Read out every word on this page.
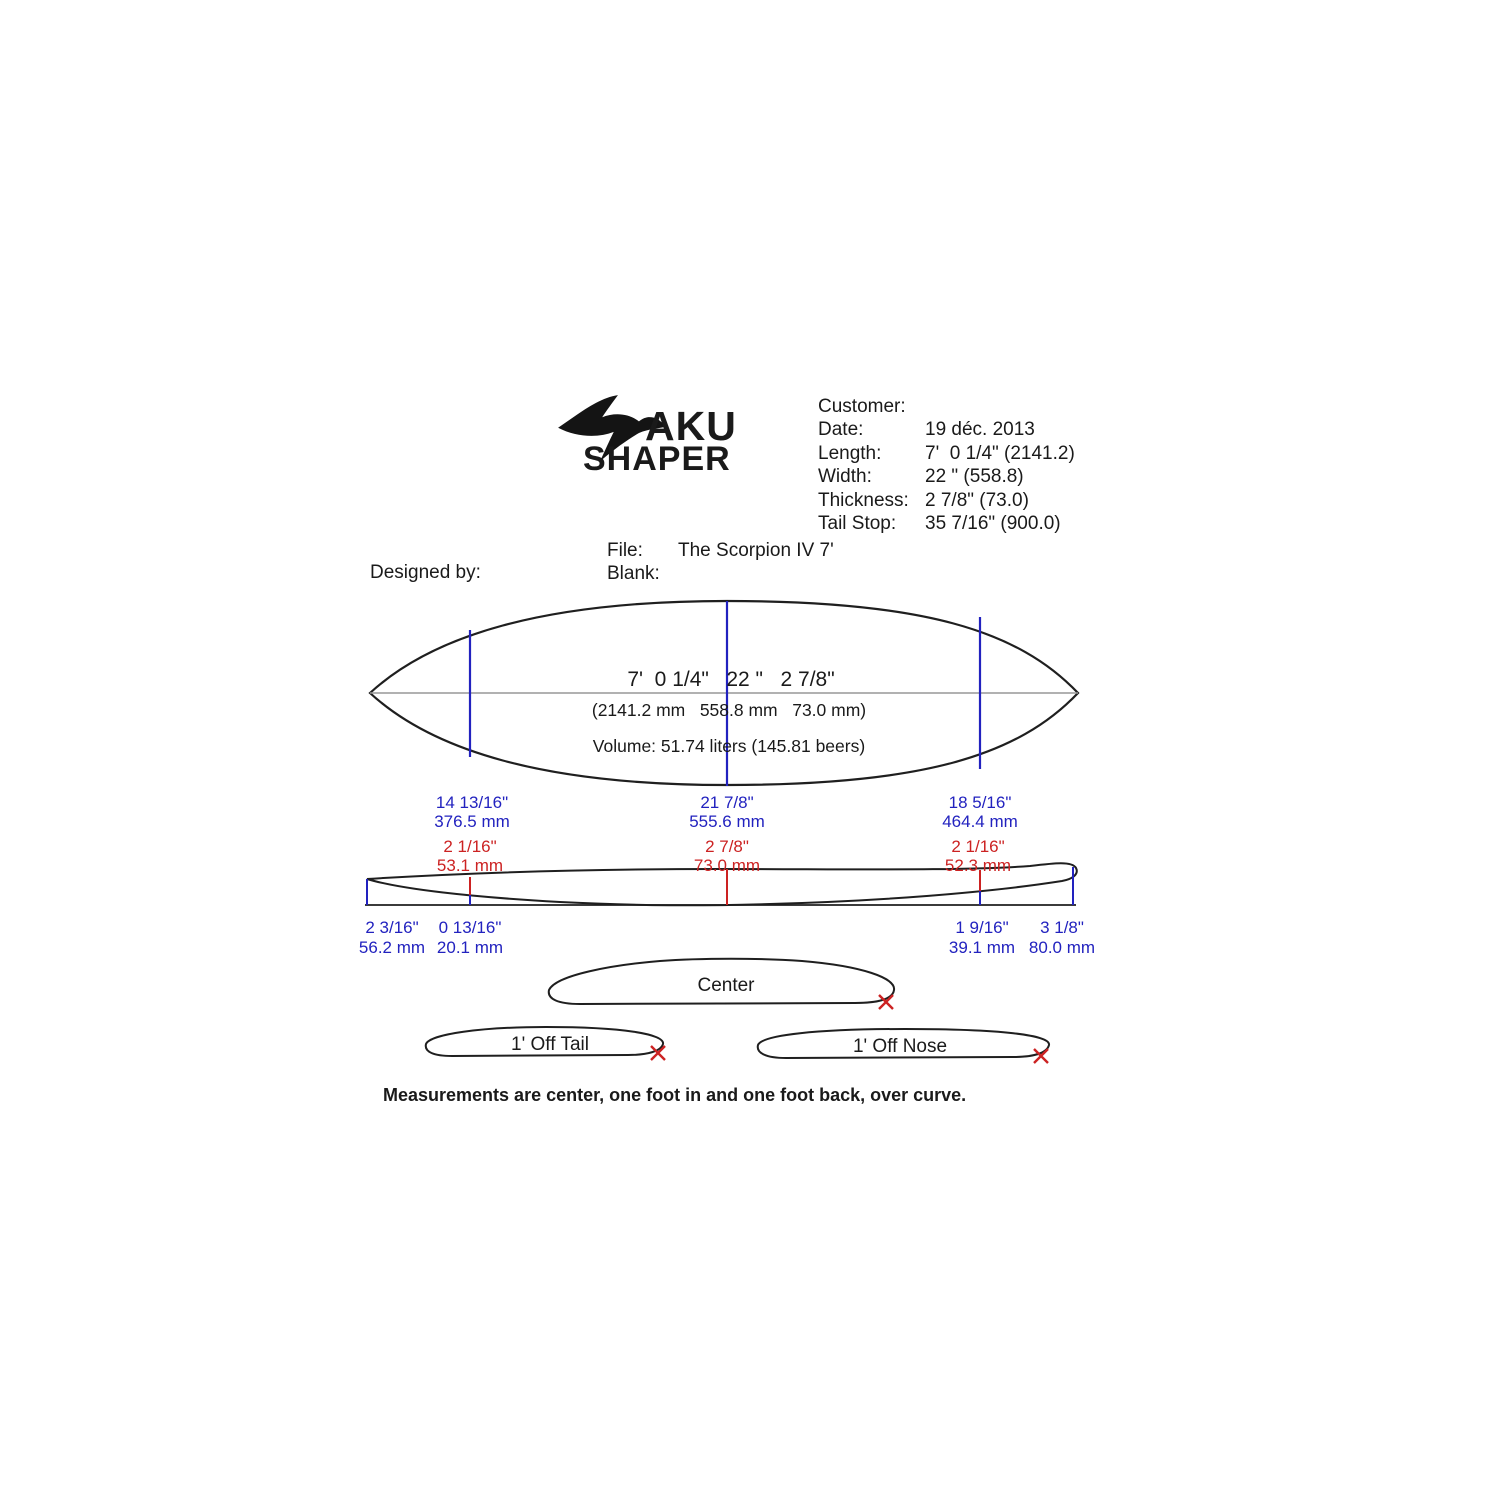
AKU
SHAPER
Customer:
Date:	19 déc. 2013
Length: 7'  0 1/4" (2141.2)
Width:	22 " (558.8)
Thickness: 2 7/8" (73.0)
Tail Stop: 35 7/16" (900.0)
File: The Scorpion IV 7'
Blank:
Designed by:
7'  0 1/4"   22 "   2 7/8"
(2141.2 mm   558.8 mm   73.0 mm)
Volume: 51.74 liters (145.81 beers)
14 13/16"
376.5 mm
21 7/8"
555.6 mm
18 5/16"
464.4 mm
2 1/16"
53.1 mm
2 7/8"
73.0 mm
2 1/16"
52.3 mm
2 3/16"
56.2 mm
0 13/16"
20.1 mm
1 9/16"
39.1 mm
3 1/8"
80.0 mm
Center
1' Off Tail	1' Off Nose
Measurements are center, one foot in and one foot back, over curve.
